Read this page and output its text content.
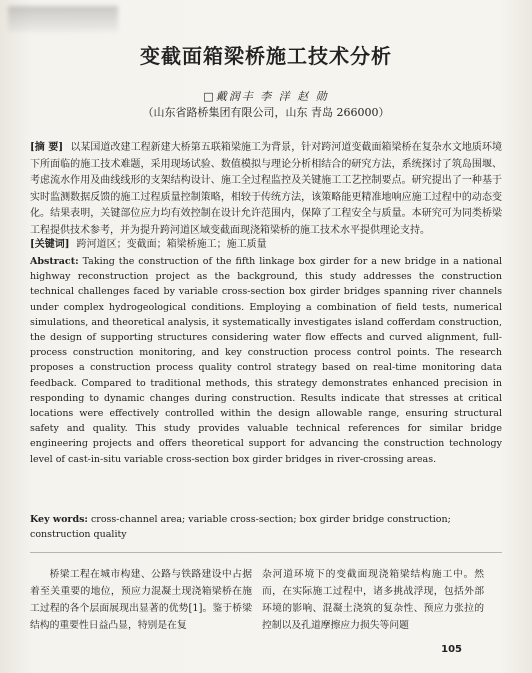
变截面箱梁桥施工技术分析
□戴润丰 李 洋 赵 勋
（山东省路桥集团有限公司，山东 青岛 266000）
[摘 要] 以某国道改建工程新建大桥第五联箱梁施工为背景，针对跨河道变截面箱梁桥在复杂水文地质环境下所面临的施工技术难题，采用现场试验、数值模拟与理论分析相结合的研究方法，系统探讨了筑岛围堰、考虑流水作用及曲线线形的支架结构设计、施工全过程监控及关键施工工艺控制要点。研究提出了一种基于实时监测数据反馈的施工过程质量控制策略，相较于传统方法，该策略能更精准地响应施工过程中的动态变化。结果表明，关键部位应力均有效控制在设计允许范围内，保障了工程安全与质量。本研究可为同类桥梁工程提供技术参考，并为提升跨河道区域变截面现浇箱梁桥的施工技术水平提供理论支持。
[关键词] 跨河道区；变截面；箱梁桥施工；施工质量
Abstract: Taking the construction of the fifth linkage box girder for a new bridge in a national highway reconstruction project as the background, this study addresses the construction technical challenges faced by variable cross-section box girder bridges spanning river channels under complex hydrogeological conditions. Employing a combination of field tests, numerical simulations, and theoretical analysis, it systematically investigates island cofferdam construction, the design of supporting structures considering water flow effects and curved alignment, full-process construction monitoring, and key construction process control points. The research proposes a construction process quality control strategy based on real-time monitoring data feedback. Compared to traditional methods, this strategy demonstrates enhanced precision in responding to dynamic changes during construction. Results indicate that stresses at critical locations were effectively controlled within the design allowable range, ensuring structural safety and quality. This study provides valuable technical references for similar bridge engineering projects and offers theoretical support for advancing the construction technology level of cast-in-situ variable cross-section box girder bridges in river-crossing areas.
Key words: cross-channel area; variable cross-section; box girder bridge construction; construction quality
桥梁工程在城市构建、公路与铁路建设中占据着至关重要的地位，预应力混凝土现浇箱梁桥在施工过程的各个层面展现出显著的优势[1]。鉴于桥梁结构的重要性日益凸显，特别是在复
杂河道环境下的变截面现浇箱梁结构施工中。然而，在实际施工过程中，诸多挑战浮现，包括外部环境的影响、混凝土浇筑的复杂性、预应力张拉的控制以及孔道摩擦应力损失等问题
105
